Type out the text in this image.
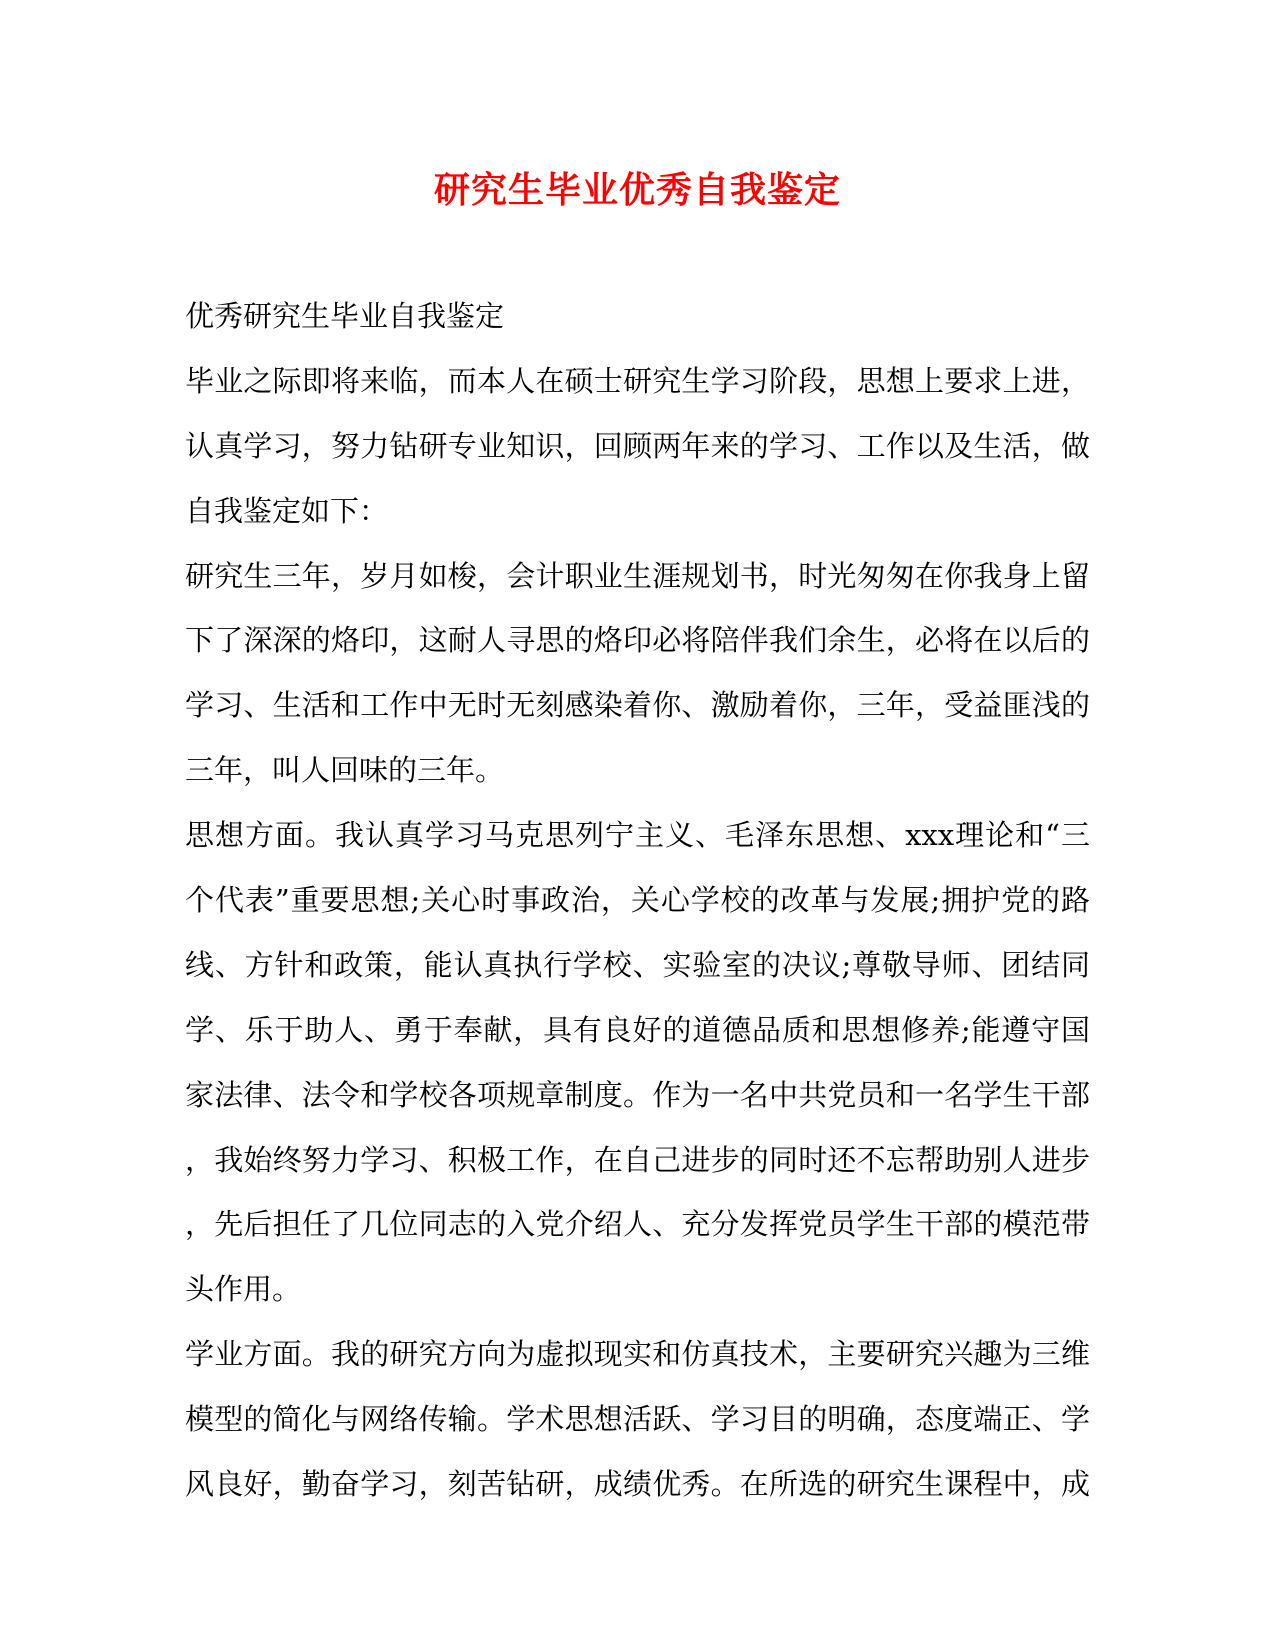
研究生毕业优秀自我鉴定
优秀研究生毕业自我鉴定
毕业之际即将来临，而本人在硕士研究生学习阶段，思想上要求上进，
认真学习，努力钻研专业知识，回顾两年来的学习、工作以及生活，做
自我鉴定如下：
研究生三年，岁月如梭，会计职业生涯规划书，时光匆匆在你我身上留
下了深深的烙印，这耐人寻思的烙印必将陪伴我们余生，必将在以后的
学习、生活和工作中无时无刻感染着你、激励着你，三年，受益匪浅的
三年，叫人回味的三年。
思想方面。我认真学习马克思列宁主义、毛泽东思想、xxx理论和“三
个代表”重要思想;关心时事政治，关心学校的改革与发展;拥护党的路
线、方针和政策，能认真执行学校、实验室的决议;尊敬导师、团结同
学、乐于助人、勇于奉献，具有良好的道德品质和思想修养;能遵守国
家法律、法令和学校各项规章制度。作为一名中共党员和一名学生干部
，我始终努力学习、积极工作，在自己进步的同时还不忘帮助别人进步
，先后担任了几位同志的入党介绍人、充分发挥党员学生干部的模范带
头作用。
学业方面。我的研究方向为虚拟现实和仿真技术，主要研究兴趣为三维
模型的简化与网络传输。学术思想活跃、学习目的明确，态度端正、学
风良好，勤奋学习，刻苦钻研，成绩优秀。在所选的研究生课程中，成
